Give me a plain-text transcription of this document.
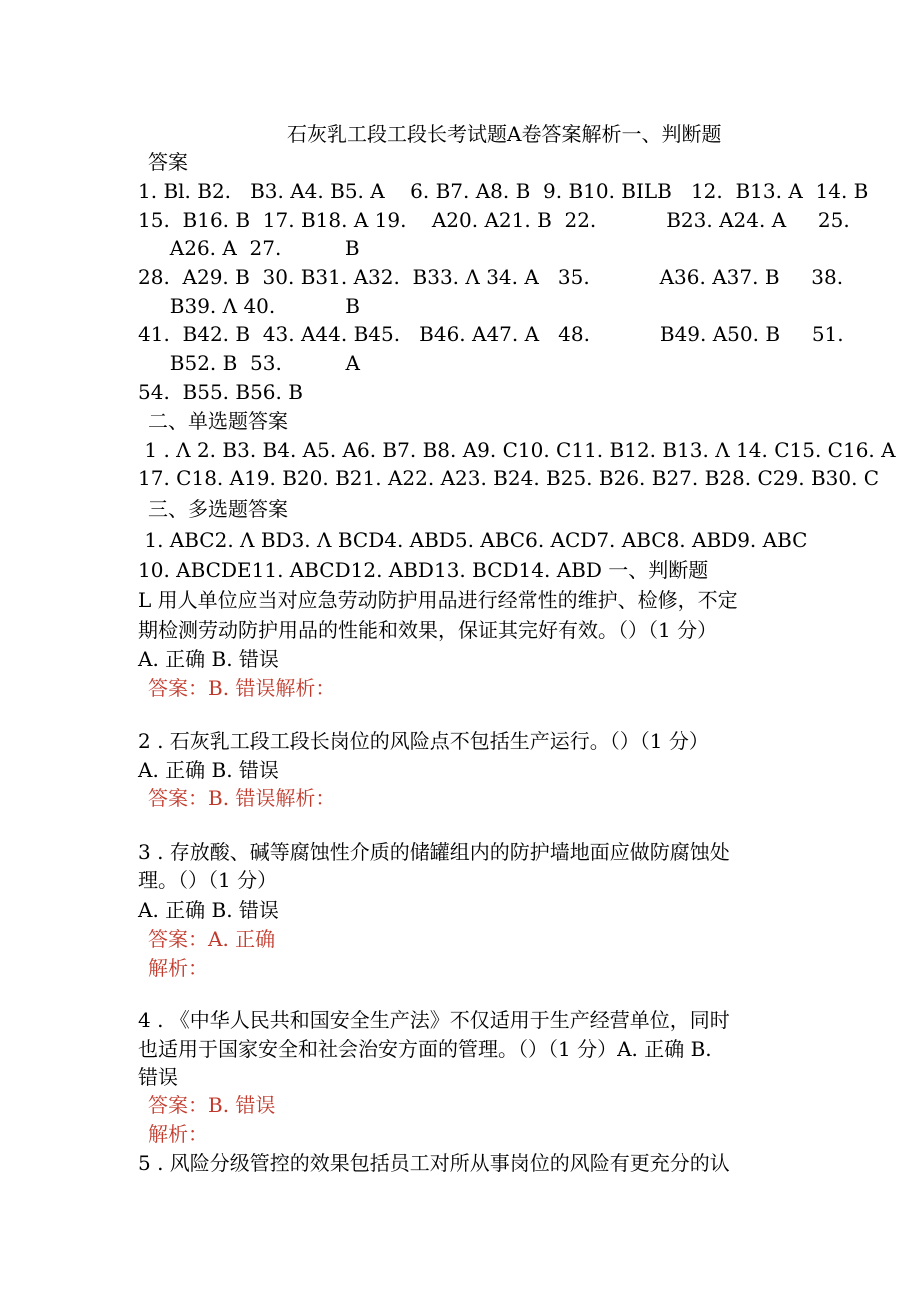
石灰乳工段工段长考试题A卷答案解析一、判断题
答案
1. Bl. B2.   B3. A4. B5. A    6. B7. A8. B  9. B10. BILB   12.  B13. A  14. B
15.  B16. B  17. B18. A 19.    A20. A21. B  22.           B23. A24. A     25.
A26. A  27.          B
28.  A29. B  30. B31. A32.  B33. Λ 34. A   35.           A36. A37. B     38.
B39. Λ 40.           B
41.  B42. B  43. A44. B45.   B46. A47. A   48.           B49. A50. B     51.
B52. B  53.          A
54.  B55. B56. B
二、单选题答案
1 . Λ 2. B3. B4. A5. A6. B7. B8. A9. C10. C11. B12. B13. Λ 14. C15. C16. A
17. C18. A19. B20. B21. A22. A23. B24. B25. B26. B27. B28. C29. B30. C
三、多选题答案
1. ABC2. Λ BD3. Λ BCD4. ABD5. ABC6. ACD7. ABC8. ABD9. ABC
10. ABCDE11. ABCD12. ABD13. BCD14. ABD 一、判断题
L 用人单位应当对应急劳动防护用品进行经常性的维护、检修，不定
期检测劳动防护用品的性能和效果，保证其完好有效。（）（1 分）
A. 正确 B. 错误
答案：B. 错误解析：
2 . 石灰乳工段工段长岗位的风险点不包括生产运行。（）（1 分）
A. 正确 B. 错误
答案：B. 错误解析：
3 . 存放酸、碱等腐蚀性介质的储罐组内的防护墙地面应做防腐蚀处
理。（）（1 分）
A. 正确 B. 错误
答案：A. 正确
解析：
4 . 《中华人民共和国安全生产法》不仅适用于生产经营单位，同时
也适用于国家安全和社会治安方面的管理。（）（1 分）A. 正确 B.
错误
答案：B. 错误
解析：
5 . 风险分级管控的效果包括员工对所从事岗位的风险有更充分的认
